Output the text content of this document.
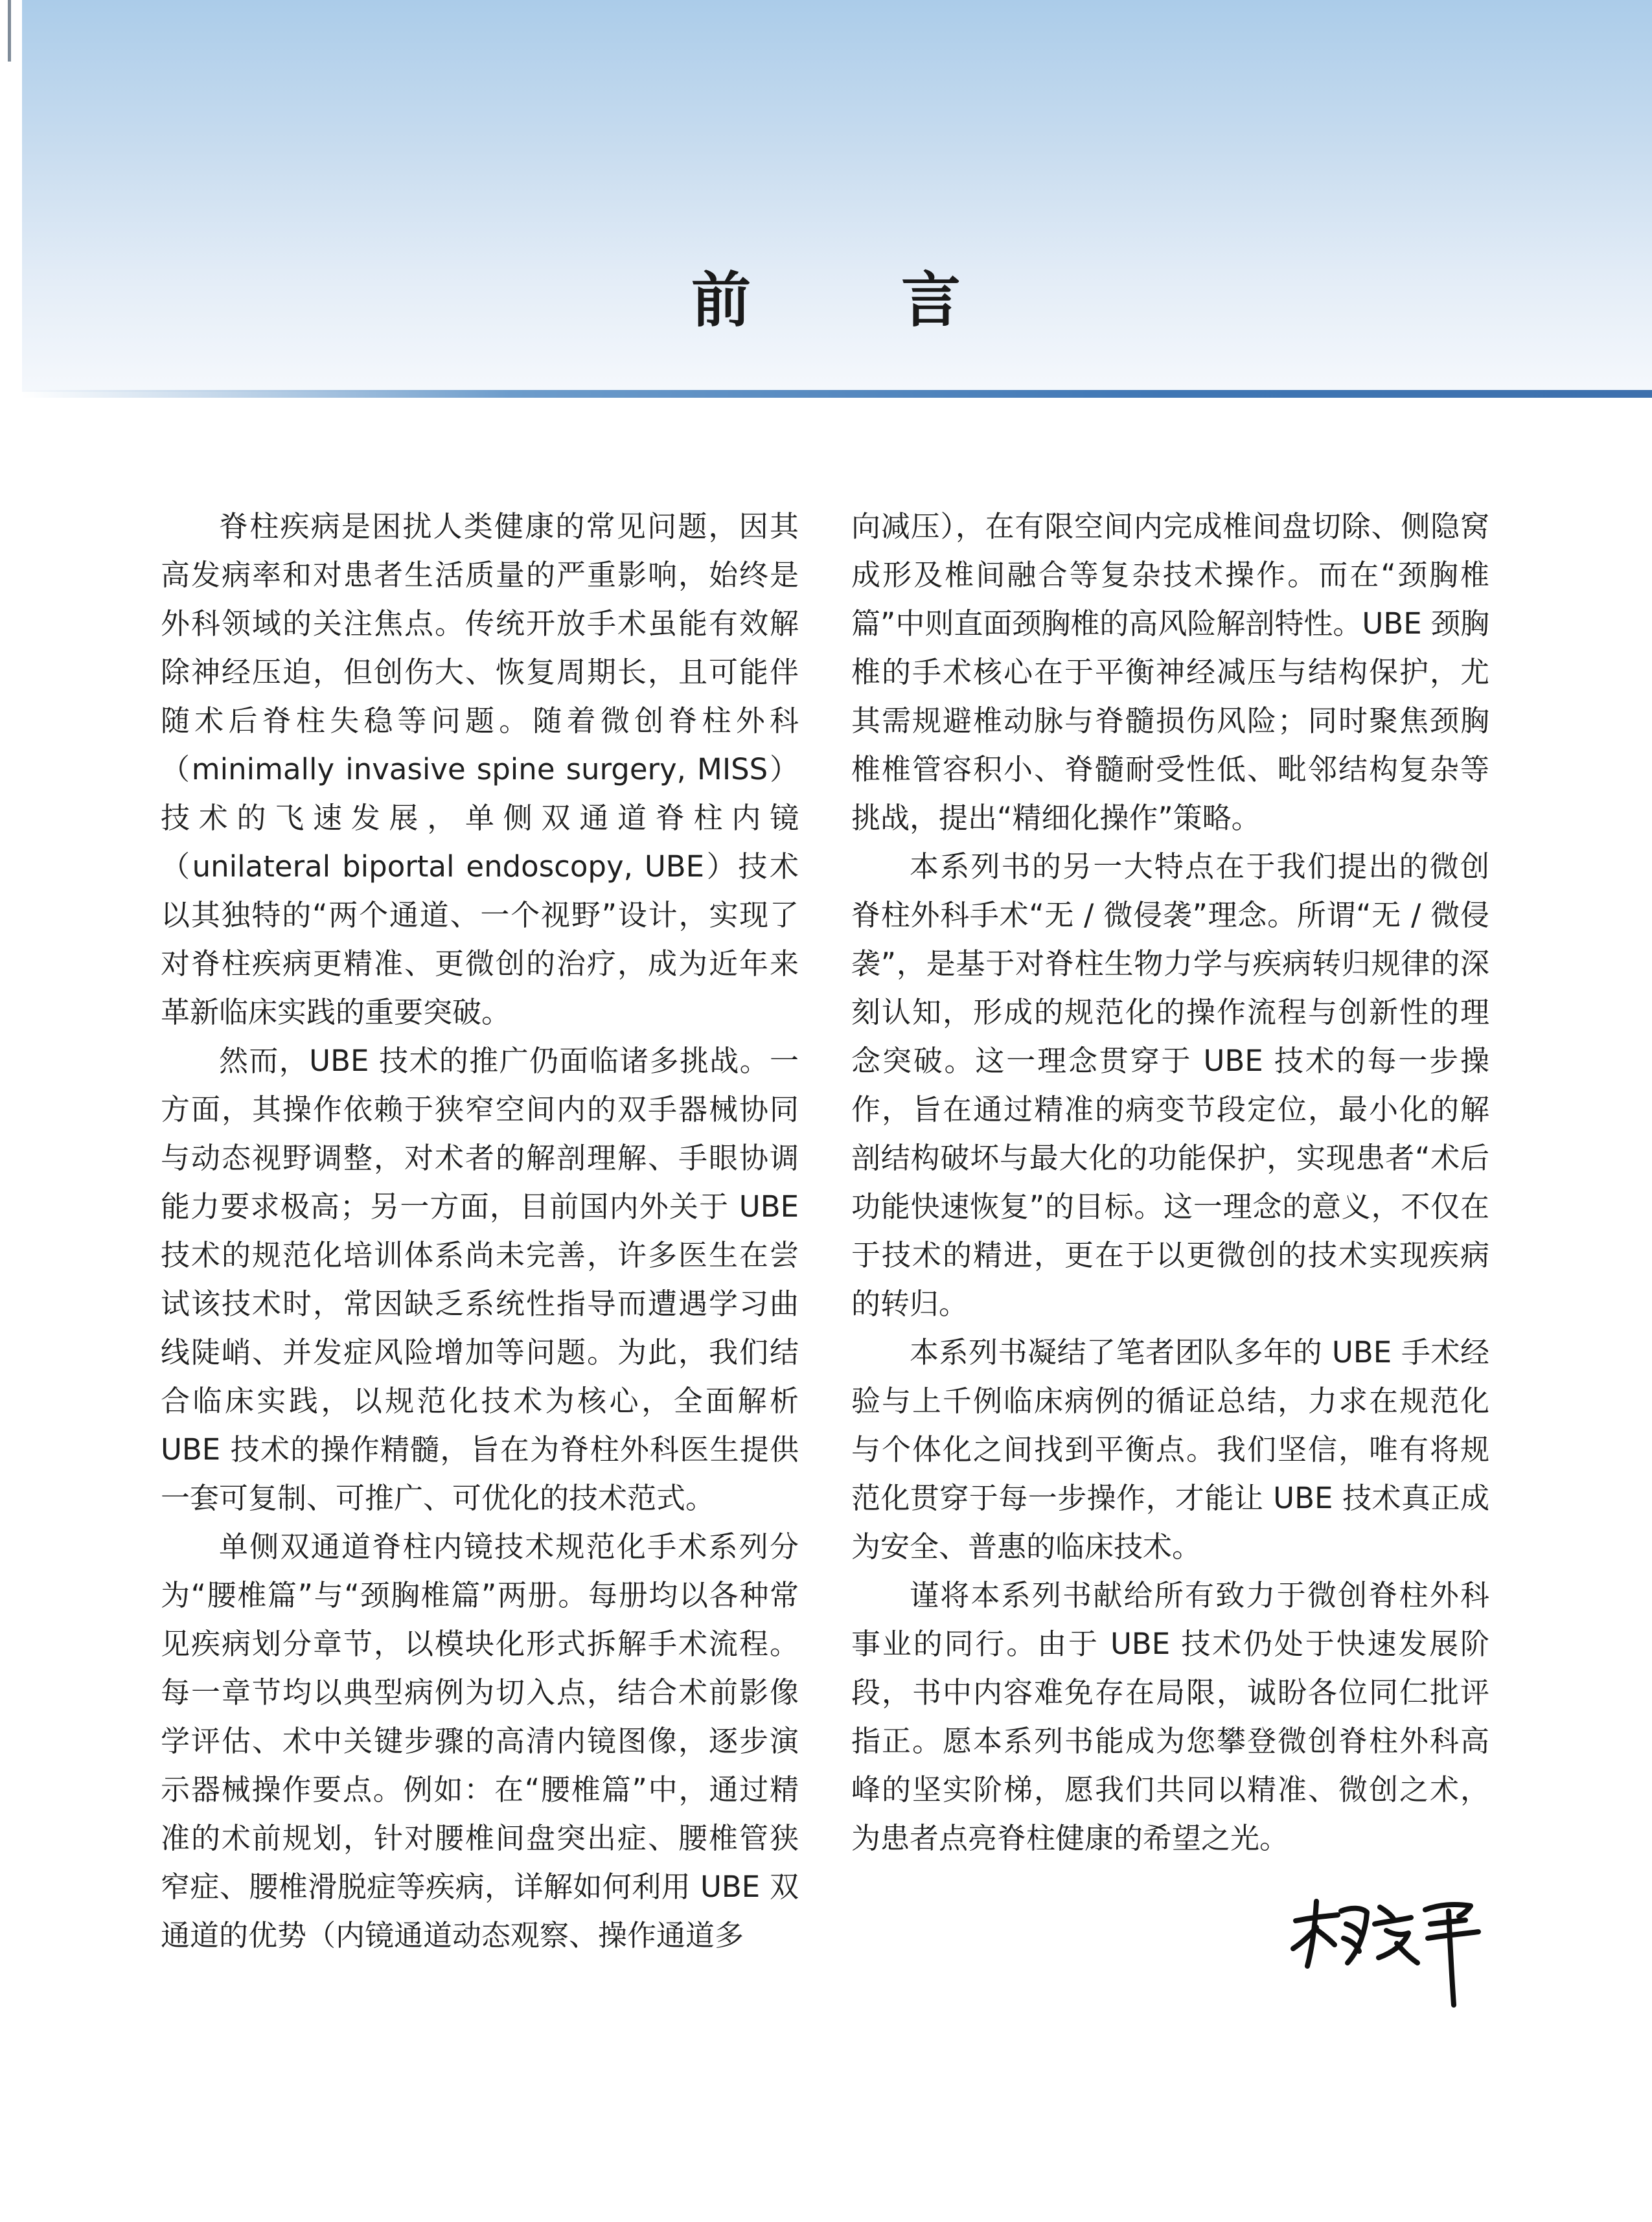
前 言

脊柱疾病是困扰人类健康的常见问题，因其高发病率和对患者生活质量的严重影响，始终是外科领域的关注焦点。传统开放手术虽能有效解除神经压迫，但创伤大、恢复周期长，且可能伴随术后脊柱失稳等问题。随着微创脊柱外科（minimally invasive spine surgery, MISS） 技术的飞速发展，单侧双通道脊柱内镜（unilateral biportal endoscopy, UBE）技术以其独特的“两个通道、一个视野”设计，实现了对脊柱疾病更精准、更微创的治疗，成为近年来革新临床实践的重要突破。

然而，UBE 技术的推广仍面临诸多挑战。一方面，其操作依赖于狭窄空间内的双手器械协同与动态视野调整，对术者的解剖理解、手眼协调能力要求极高；另一方面，目前国内外关于 UBE 技术的规范化培训体系尚未完善，许多医生在尝试该技术时，常因缺乏系统性指导而遭遇学习曲线陡峭、并发症风险增加等问题。为此，我们结合临床实践，以规范化技术为核心，全面解析 UBE 技术的操作精髓，旨在为脊柱外科医生提供一套可复制、可推广、可优化的技术范式。

单侧双通道脊柱内镜技术规范化手术系列分为“腰椎篇”与“颈胸椎篇”两册。每册均以各种常见疾病划分章节，以模块化形式拆解手术流程。每一章节均以典型病例为切入点，结合术前影像学评估、术中关键步骤的高清内镜图像，逐步演示器械操作要点。例如：在“腰椎篇”中，通过精准的术前规划，针对腰椎间盘突出症、腰椎管狭窄症、腰椎滑脱症等疾病，详解如何利用 UBE 双通道的优势（内镜通道动态观察、操作通道多

向减压），在有限空间内完成椎间盘切除、侧隐窝成形及椎间融合等复杂技术操作。而在“颈胸椎篇”中则直面颈胸椎的高风险解剖特性。UBE 颈胸椎的手术核心在于平衡神经减压与结构保护，尤其需规避椎动脉与脊髓损伤风险；同时聚焦颈胸椎椎管容积小、脊髓耐受性低、毗邻结构复杂等挑战，提出“精细化操作”策略。

本系列书的另一大特点在于我们提出的微创脊柱外科手术“无 / 微侵袭”理念。所谓“无 / 微侵袭”，是基于对脊柱生物力学与疾病转归规律的深刻认知，形成的规范化的操作流程与创新性的理念突破。这一理念贯穿于 UBE 技术的每一步操作，旨在通过精准的病变节段定位，最小化的解剖结构破坏与最大化的功能保护，实现患者“术后功能快速恢复”的目标。这一理念的意义，不仅在于技术的精进，更在于以更微创的技术实现疾病的转归。

本系列书凝结了笔者团队多年的 UBE 手术经验与上千例临床病例的循证总结，力求在规范化与个体化之间找到平衡点。我们坚信，唯有将规范化贯穿于每一步操作，才能让 UBE 技术真正成为安全、普惠的临床技术。

谨将本系列书献给所有致力于微创脊柱外科事业的同行。由于 UBE 技术仍处于快速发展阶段，书中内容难免存在局限，诚盼各位同仁批评指正。愿本系列书能成为您攀登微创脊柱外科高峰的坚实阶梯，愿我们共同以精准、微创之术，为患者点亮脊柱健康的希望之光。
